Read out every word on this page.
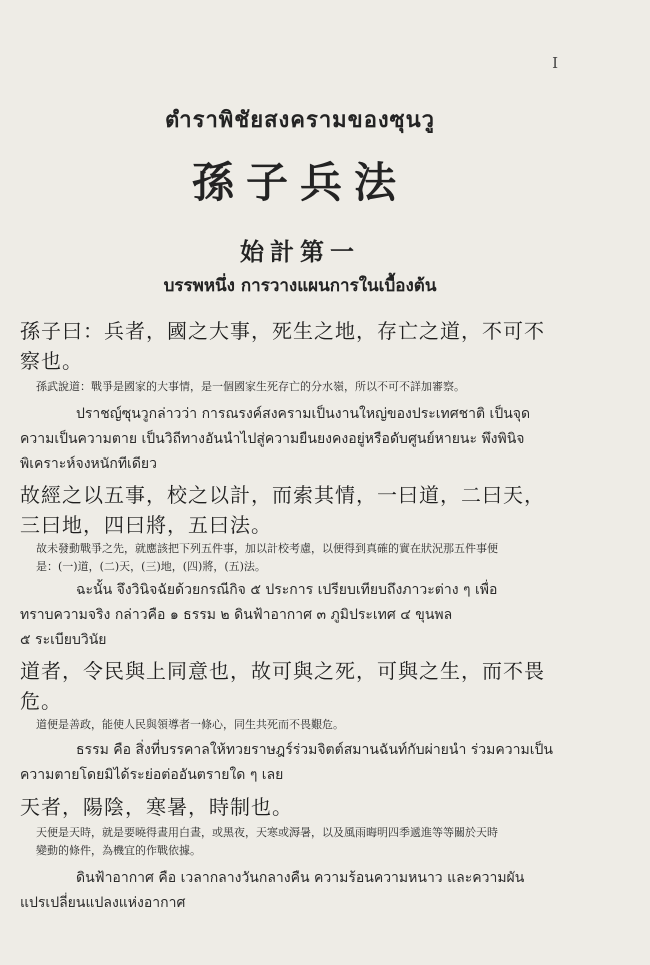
I
ตำราพิชัยสงครามของซุนวู
孫子兵法
始計第一
บรรพหนึ่ง การวางแผนการในเบื้องต้น
孫子曰：兵者，國之大事，死生之地，存亡之道，不可不
察也。
孫武說道：戰爭是國家的大事情，是一個國家生死存亡的分水嶺，所以不可不詳加審察。
ปราชญ์ซุนวูกล่าวว่า การณรงค์สงครามเป็นงานใหญ่ของประเทศชาติ เป็นจุด
ความเป็นความตาย เป็นวิถีทางอันนำไปสู่ความยืนยงคงอยู่หรือดับศูนย์หายนะ พึงพินิจ
พิเคราะห์จงหนักทีเดียว
故經之以五事，校之以計，而索其情，一曰道，二曰天，
三曰地，四曰將，五曰法。
故未發動戰爭之先，就應該把下列五件事，加以計校考慮，以便得到真確的實在狀況那五件事便
是：(一)道，(二)天，(三)地，(四)將，(五)法。
ฉะนั้น จึงวินิจฉัยด้วยกรณีกิจ ๕ ประการ เปรียบเทียบถึงภาวะต่าง ๆ เพื่อ
ทราบความจริง กล่าวคือ ๑ ธรรม ๒ ดินฟ้าอากาศ ๓ ภูมิประเทศ ๔ ขุนพล
๕ ระเบียบวินัย
道者，令民與上同意也，故可與之死，可與之生，而不畏
危。
道便是善政，能使人民與領導者一條心，同生共死而不畏艱危。
ธรรม คือ สิ่งที่บรรคาลให้ทวยราษฎร์ร่วมจิตต์สมานฉันท์กับผ่ายนำ ร่วมความเป็น
ความตายโดยมิได้ระย่อต่ออันตรายใด ๆ เลย
天者，陽陰，寒暑，時制也。
天便是天時，就是要曉得晝用白晝，或黑夜，天寒或溽暑，以及風雨晦明四季遞進等等關於天時
變動的條件，為機宜的作戰依據。
ดินฟ้าอากาศ คือ เวลากลางวันกลางคืน ความร้อนความหนาว และความผัน
แปรเปลี่ยนแปลงแห่งอากาศ
